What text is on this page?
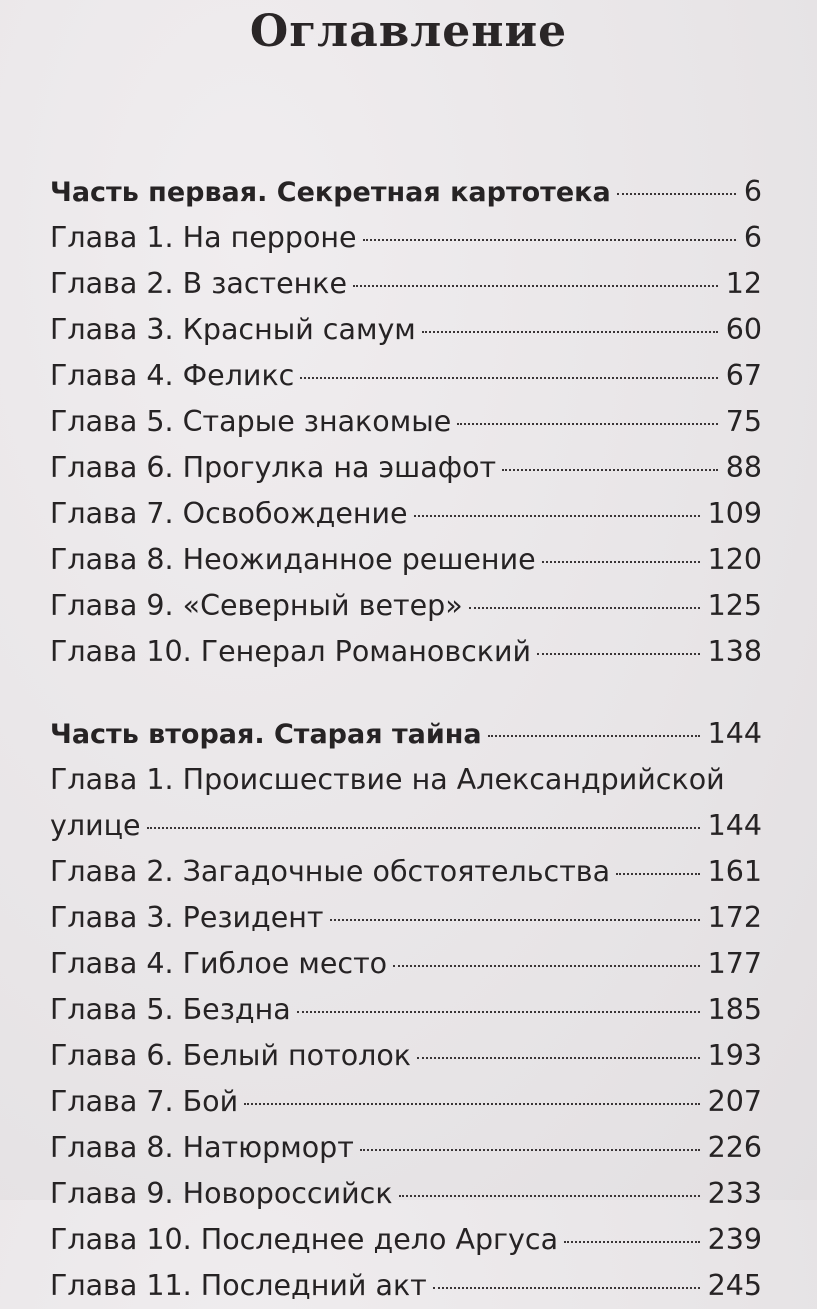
Оглавление
Часть первая. Секретная картотека	6
Глава 1. На перроне	6
Глава 2. В застенке	12
Глава 3. Красный самум	60
Глава 4. Феликс	67
Глава 5. Старые знакомые	75
Глава 6. Прогулка на эшафот	88
Глава 7. Освобождение	109
Глава 8. Неожиданное решение	120
Глава 9. «Северный ветер»	125
Глава 10. Генерал Романовский	138
Часть вторая. Старая тайна	144
Глава 1. Происшествие на Александрийской
улице	144
Глава 2. Загадочные обстоятельства	161
Глава 3. Резидент	172
Глава 4. Гиблое место	177
Глава 5. Бездна	185
Глава 6. Белый потолок	193
Глава 7. Бой	207
Глава 8. Натюрморт	226
Глава 9. Новороссийск	233
Глава 10. Последнее дело Аргуса	239
Глава 11. Последний акт	245
